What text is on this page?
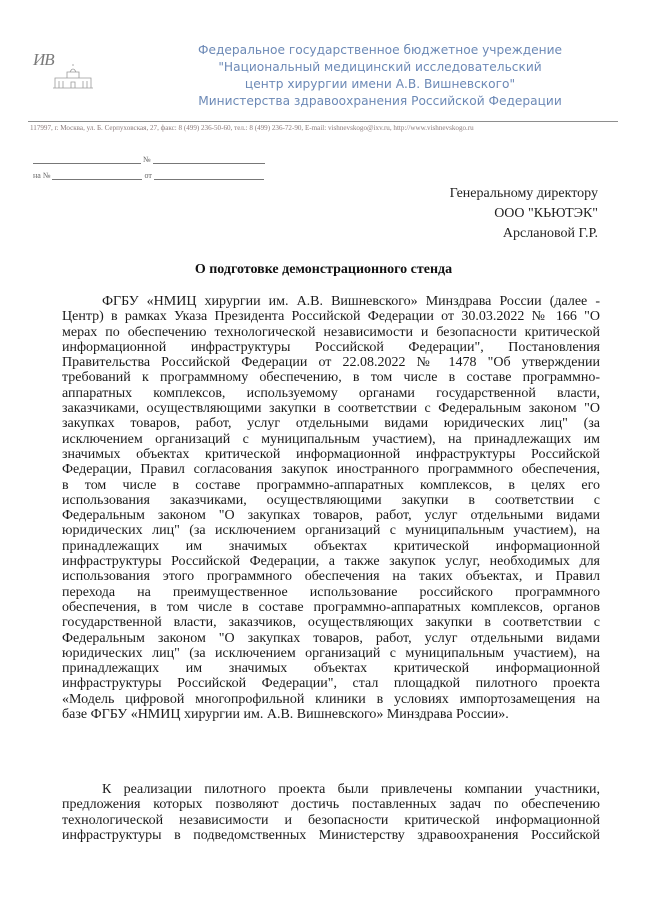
ИВ	Федеральное государственное бюджетное учреждение
"Национальный медицинский исследовательский
центр хирургии имени А.В. Вишневского"
Министерства здравоохранения Российской Федерации
117997, г. Москва, ул. Б. Серпуховская, 27, факс: 8 (499) 236-50-60, тел.: 8 (499) 236-72-90, E-mail: vishnevskogo@ixv.ru, http://www.vishnevskogo.ru
№
на №	от
Генеральному директору
ООО "КЬЮТЭК"
Арслановой Г.Р.
О подготовке демонстрационного стенда
ФГБУ «НМИЦ хирургии им. А.В. Вишневского» Минздрава России (далее -
Центр) в рамках Указа Президента Российской Федерации от 30.03.2022 № 166 "О
мерах по обеспечению технологической независимости и безопасности критической
информационной инфраструктуры Российской Федерации", Постановления
Правительства Российской Федерации от 22.08.2022 № 1478 "Об утверждении
требований к программному обеспечению, в том числе в составе программно-
аппаратных комплексов, используемому органами государственной власти,
заказчиками, осуществляющими закупки в соответствии с Федеральным законом "О
закупках товаров, работ, услуг отдельными видами юридических лиц" (за
исключением организаций с муниципальным участием), на принадлежащих им
значимых объектах критической информационной инфраструктуры Российской
Федерации, Правил согласования закупок иностранного программного обеспечения,
в том числе в составе программно-аппаратных комплексов, в целях его
использования заказчиками, осуществляющими закупки в соответствии с
Федеральным законом "О закупках товаров, работ, услуг отдельными видами
юридических лиц" (за исключением организаций с муниципальным участием), на
принадлежащих им значимых объектах критической информационной
инфраструктуры Российской Федерации, а также закупок услуг, необходимых для
использования этого программного обеспечения на таких объектах, и Правил
перехода на преимущественное использование российского программного
обеспечения, в том числе в составе программно-аппаратных комплексов, органов
государственной власти, заказчиков, осуществляющих закупки в соответствии с
Федеральным законом "О закупках товаров, работ, услуг отдельными видами
юридических лиц" (за исключением организаций с муниципальным участием), на
принадлежащих им значимых объектах критической информационной
инфраструктуры Российской Федерации", стал площадкой пилотного проекта
«Модель цифровой многопрофильной клиники в условиях импортозамещения на
базе ФГБУ «НМИЦ хирургии им. А.В. Вишневского» Минздрава России».
К реализации пилотного проекта были привлечены компании участники,
предложения которых позволяют достичь поставленных задач по обеспечению
технологической независимости и безопасности критической информационной
инфраструктуры в подведомственных Министерству здравоохранения Российской
